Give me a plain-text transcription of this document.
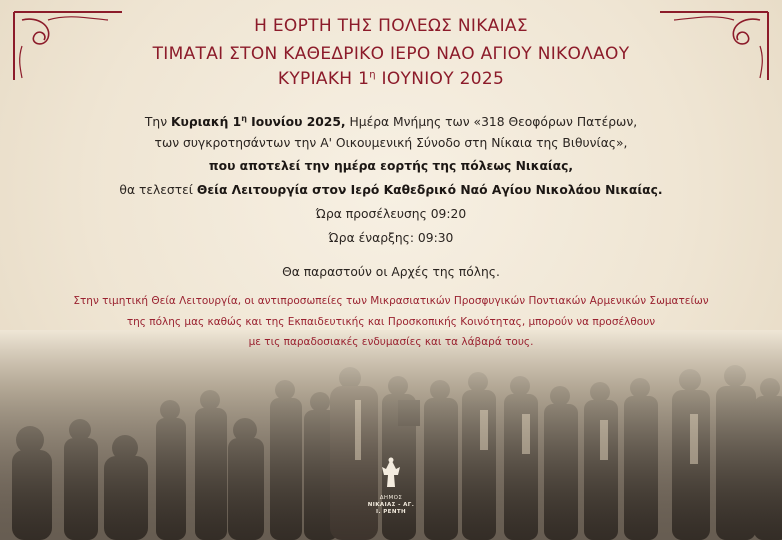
Η ΕΟΡΤΗ ΤΗΣ ΠΟΛΕΩΣ ΝΙΚΑΙΑΣ
ΤΙΜΑΤΑΙ ΣΤΟΝ ΚΑΘΕΔΡΙΚΟ ΙΕΡΟ ΝΑΟ ΑΓΙΟΥ ΝΙΚΟΛΑΟΥ
ΚΥΡΙΑΚΗ $1^\eta$ ΙΟΥΝΙΟΥ 2025
Την Κυριακή $1^\eta$ Ιουνίου 2025, Ημέρα Μνήμης των «318 Θεοφόρων Πατέρων,
των συγκροτησάντων την Α' Οικουμενική Σύνοδο στη Νίκαια της Βιθυνίας»,
που αποτελεί την ημέρα εορτής της πόλεως Νικαίας,
θα τελεστεί Θεία Λειτουργία στον Ιερό Καθεδρικό Ναό Αγίου Νικολάου Νικαίας.
Ώρα προσέλευσης 09:20
Ώρα έναρξης: 09:30
Θα παραστούν οι Αρχές της πόλης.
Στην τιμητική Θεία Λειτουργία, οι αντιπροσωπείες των Μικρασιατικών Προσφυγικών Ποντιακών Αρμενικών Σωματείων
της πόλης μας καθώς και της Εκπαιδευτικής και Προσκοπικής Κοινότητας, μπορούν να προσέλθουν
με τις παραδοσιακές ενδυμασίες και τα λάβαρά τους.
ΔΗΜΟΣ
ΝΙΚΑΙΑΣ - ΑΓ. Ι. ΡΕΝΤΗ
